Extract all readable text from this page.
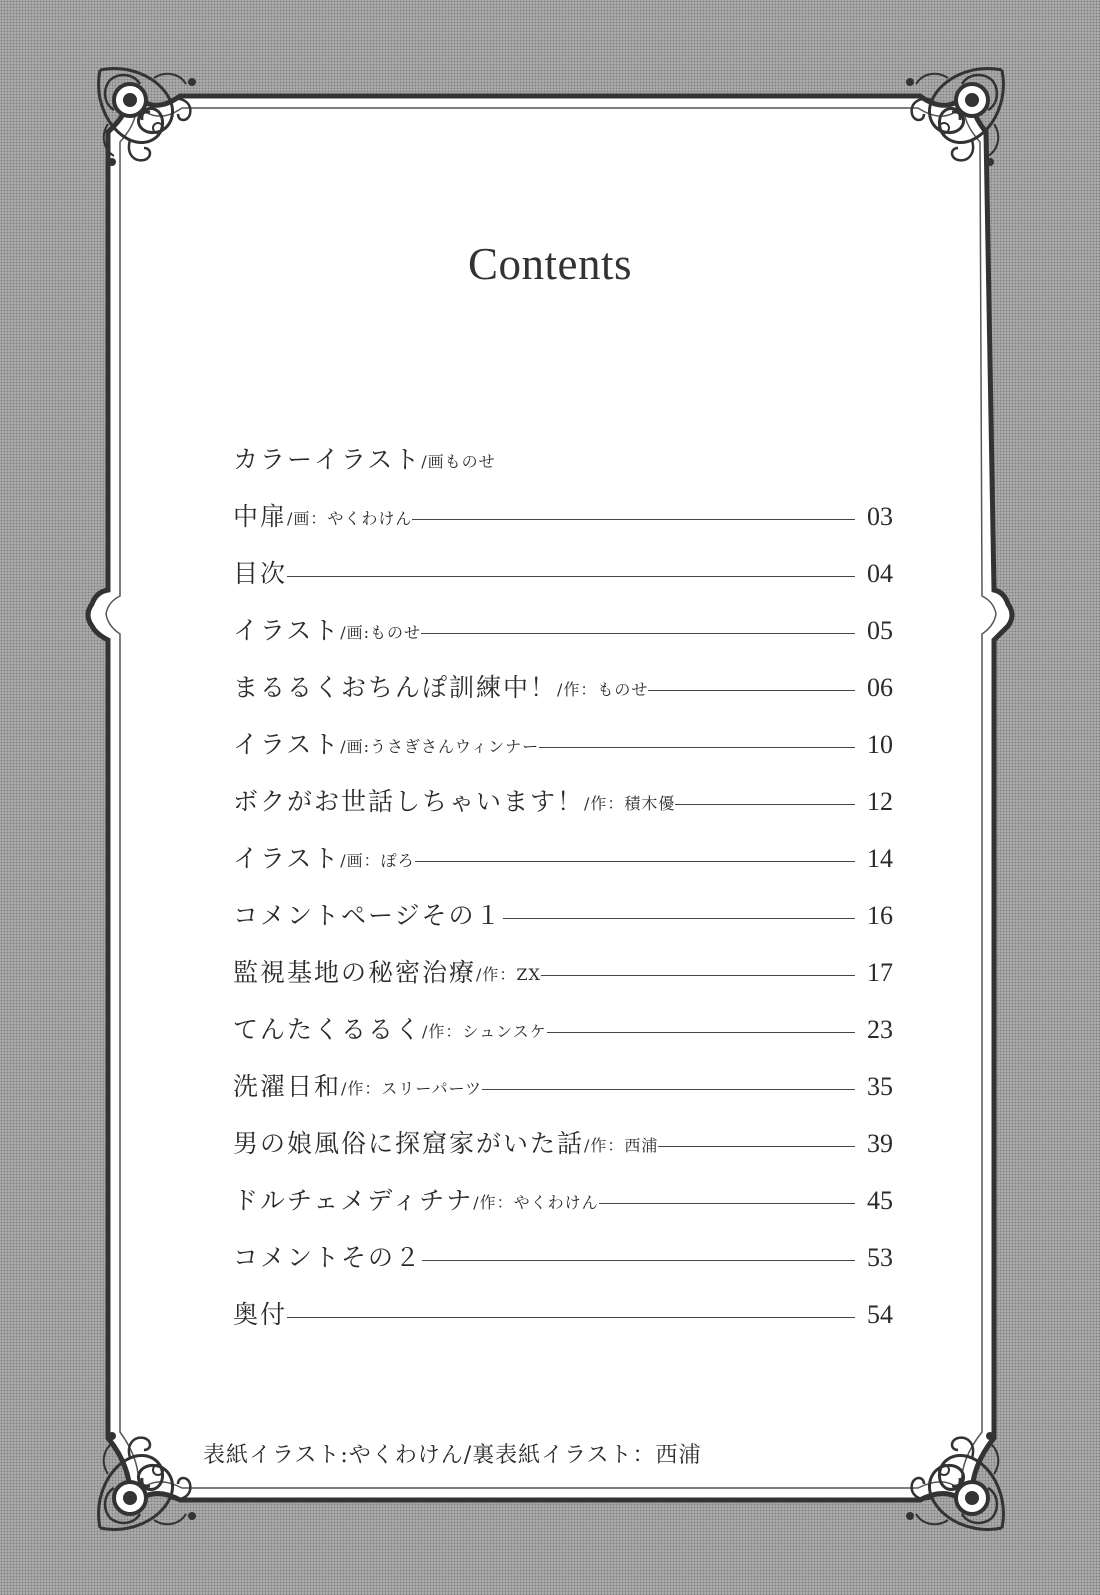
Contents
カラーイラスト /画ものせ
中扉 /画：やくわけん	03
目次	04
イラスト /画:ものせ	05
まるるくおちんぽ訓練中！ /作：ものせ	06
イラスト /画:うさぎさんウィンナー	10
ボクがお世話しちゃいます！ /作：積木優	12
イラスト /画：ぽろ	14
コメントページその１	16
監視基地の秘密治療 /作：ZX	17
てんたくるるく /作：シュンスケ	23
洗濯日和 /作：スリーパーツ	35
男の娘風俗に探窟家がいた話 /作：西浦	39
ドルチェメディチナ /作：やくわけん	45
コメントその２	53
奥付	54
表紙イラスト:やくわけん/裏表紙イラスト：西浦
